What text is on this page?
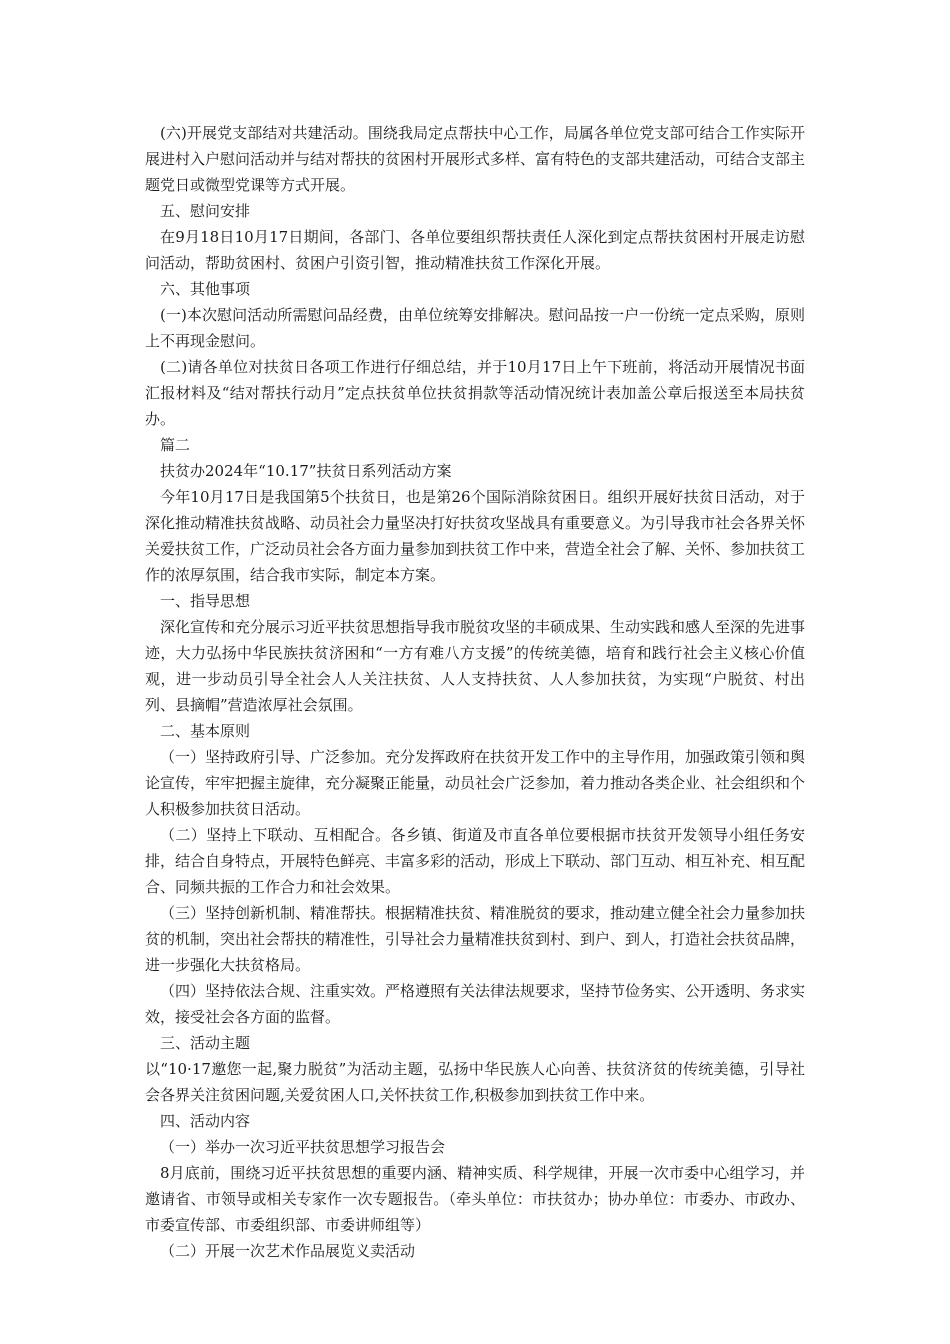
(六)开展党支部结对共建活动。围绕我局定点帮扶中心工作，局属各单位党支部可结合工作实际开展进村入户慰问活动并与结对帮扶的贫困村开展形式多样、富有特色的支部共建活动，可结合支部主题党日或微型党课等方式开展。

五、慰问安排

在9月18日10月17日期间，各部门、各单位要组织帮扶责任人深化到定点帮扶贫困村开展走访慰问活动，帮助贫困村、贫困户引资引智，推动精准扶贫工作深化开展。

六、其他事项

(一)本次慰问活动所需慰问品经费，由单位统筹安排解决。慰问品按一户一份统一定点采购，原则上不再现金慰问。

(二)请各单位对扶贫日各项工作进行仔细总结，并于10月17日上午下班前，将活动开展情况书面汇报材料及“结对帮扶行动月”定点扶贫单位扶贫捐款等活动情况统计表加盖公章后报送至本局扶贫办。

篇二

扶贫办2024年“10.17”扶贫日系列活动方案

今年10月17日是我国第5个扶贫日，也是第26个国际消除贫困日。组织开展好扶贫日活动，对于深化推动精准扶贫战略、动员社会力量坚决打好扶贫攻坚战具有重要意义。为引导我市社会各界关怀关爱扶贫工作，广泛动员社会各方面力量参加到扶贫工作中来，营造全社会了解、关怀、参加扶贫工作的浓厚氛围，结合我市实际，制定本方案。

一、指导思想

深化宣传和充分展示习近平扶贫思想指导我市脱贫攻坚的丰硕成果、生动实践和感人至深的先进事迹，大力弘扬中华民族扶贫济困和“一方有难八方支援”的传统美德，培育和践行社会主义核心价值观，进一步动员引导全社会人人关注扶贫、人人支持扶贫、人人参加扶贫，为实现“户脱贫、村出列、县摘帽”营造浓厚社会氛围。

二、基本原则

（一）坚持政府引导、广泛参加。充分发挥政府在扶贫开发工作中的主导作用，加强政策引领和舆论宣传，牢牢把握主旋律，充分凝聚正能量，动员社会广泛参加，着力推动各类企业、社会组织和个人积极参加扶贫日活动。

（二）坚持上下联动、互相配合。各乡镇、街道及市直各单位要根据市扶贫开发领导小组任务安排，结合自身特点，开展特色鲜亮、丰富多彩的活动，形成上下联动、部门互动、相互补充、相互配合、同频共振的工作合力和社会效果。

（三）坚持创新机制、精准帮扶。根据精准扶贫、精准脱贫的要求，推动建立健全社会力量参加扶贫的机制，突出社会帮扶的精准性，引导社会力量精准扶贫到村、到户、到人，打造社会扶贫品牌，进一步强化大扶贫格局。

（四）坚持依法合规、注重实效。严格遵照有关法律法规要求，坚持节俭务实、公开透明、务求实效，接受社会各方面的监督。

三、活动主题

以“10·17邀您一起,聚力脱贫”为活动主题，弘扬中华民族人心向善、扶贫济贫的传统美德，引导社会各界关注贫困问题,关爱贫困人口,关怀扶贫工作,积极参加到扶贫工作中来。

四、活动内容

（一）举办一次习近平扶贫思想学习报告会

8月底前，围绕习近平扶贫思想的重要内涵、精神实质、科学规律，开展一次市委中心组学习，并邀请省、市领导或相关专家作一次专题报告。（牵头单位：市扶贫办；协办单位：市委办、市政办、市委宣传部、市委组织部、市委讲师组等）

（二）开展一次艺术作品展览义卖活动
